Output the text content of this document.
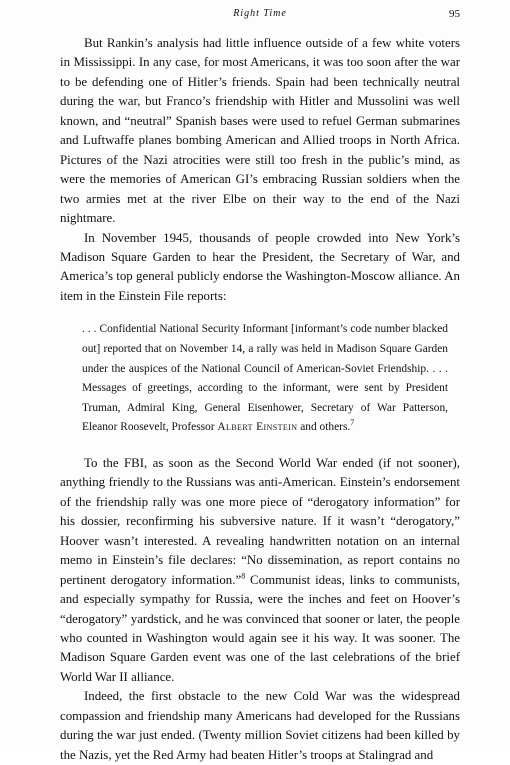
Right Time	95

But Rankin’s analysis had little influence outside of a few white voters in Mississippi. In any case, for most Americans, it was too soon after the war to be defending one of Hitler’s friends. Spain had been technically neutral during the war, but Franco’s friendship with Hitler and Mussolini was well known, and “neutral” Spanish bases were used to refuel German submarines and Luftwaffe planes bombing American and Allied troops in North Africa. Pictures of the Nazi atrocities were still too fresh in the public’s mind, as were the memories of American GI’s embracing Russian soldiers when the two armies met at the river Elbe on their way to the end of the Nazi nightmare.

In November 1945, thousands of people crowded into New York’s Madison Square Garden to hear the President, the Secretary of War, and America’s top general publicly endorse the Washington-Moscow alliance. An item in the Einstein File reports:

. . . Confidential National Security Informant [informant’s code number blacked out] reported that on November 14, a rally was held in Madison Square Garden under the auspices of the National Council of American-Soviet Friendship. . . . Messages of greetings, according to the informant, were sent by President Truman, Admiral King, General Eisenhower, Secretary of War Patterson, Eleanor Roosevelt, Professor Albert Einstein and others.$^7$

To the FBI, as soon as the Second World War ended (if not sooner), anything friendly to the Russians was anti-American. Einstein’s endorsement of the friendship rally was one more piece of “derogatory information” for his dossier, reconfirming his subversive nature. If it wasn’t “derogatory,” Hoover wasn’t interested. A revealing handwritten notation on an internal memo in Einstein’s file declares: “No dissemination, as report contains no pertinent derogatory information.”$^8$ Communist ideas, links to communists, and especially sympathy for Russia, were the inches and feet on Hoover’s “derogatory” yardstick, and he was convinced that sooner or later, the people who counted in Washington would again see it his way. It was sooner. The Madison Square Garden event was one of the last celebrations of the brief World War II alliance.

Indeed, the first obstacle to the new Cold War was the widespread compassion and friendship many Americans had developed for the Russians during the war just ended. (Twenty million Soviet citizens had been killed by the Nazis, yet the Red Army had beaten Hitler’s troops at Stalingrad and
